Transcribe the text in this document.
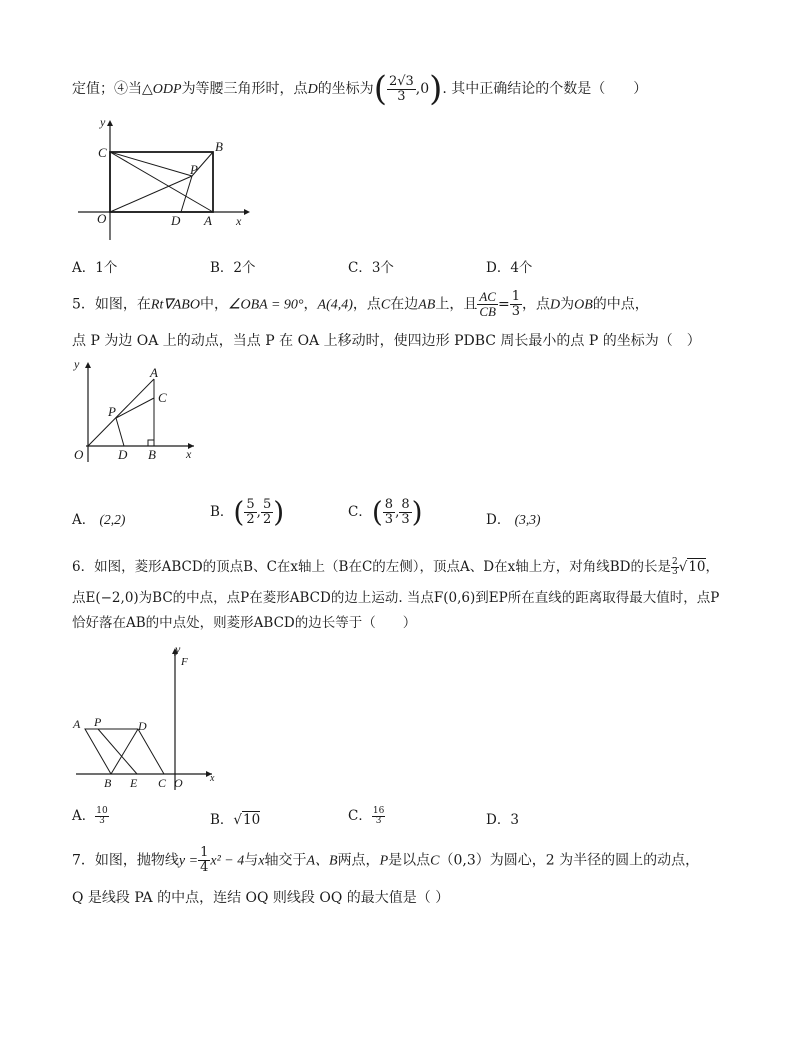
定值；④当△ODP为等腰三角形时，点D的坐标为( $\frac{2√3}{3} ,0$). 其中正确结论的个数是（　　）
y
C	B
P
O	D A x
A．1个	B．2个	C．3个	D．4个
5．如图，在Rt∇ABO中，∠OBA = 90°，A(4,4)，点C在边AB上，且 $\frac{AC}{CB} = \frac{1}{3}$ ，点D为OB的中点，
点 P 为边 OA 上的动点，当点 P 在 OA 上移动时，使四边形 PDBC 周长最小的点 P 的坐标为（　）
y
A
C
P
O	D B	x
A． (2,2)	B．( $\frac{5}{2}$ , $\frac{5}{2}$ )	C．( $\frac{8}{3}$ , $\frac{8}{3}$ )	D． (3,3)
6．如图，菱形ABCD的顶点B、C在x轴上（B在C的左侧），顶点A、D在x轴上方，对角线BD的长是 $\frac{2}{3} √10$，
点E(−2,0)为BC的中点，点P在菱形ABCD的边上运动. 当点F(0,6)到EP所在直线的距离取得最大值时，点P
恰好落在AB的中点处，则菱形ABCD的边长等于（　　）
y
F
A P	D
B E C O	x
A． $\frac{10}{3}$	B．√10	C． $\frac{16}{3}$	D．3
7．如图，抛物线$y = \frac{1}{4} x^2 - 4$与x轴交于A、B两点，P是以点C（0,3）为圆心，2 为半径的圆上的动点，
Q 是线段 PA 的中点，连结 OQ 则线段 OQ 的最大值是（ ）
